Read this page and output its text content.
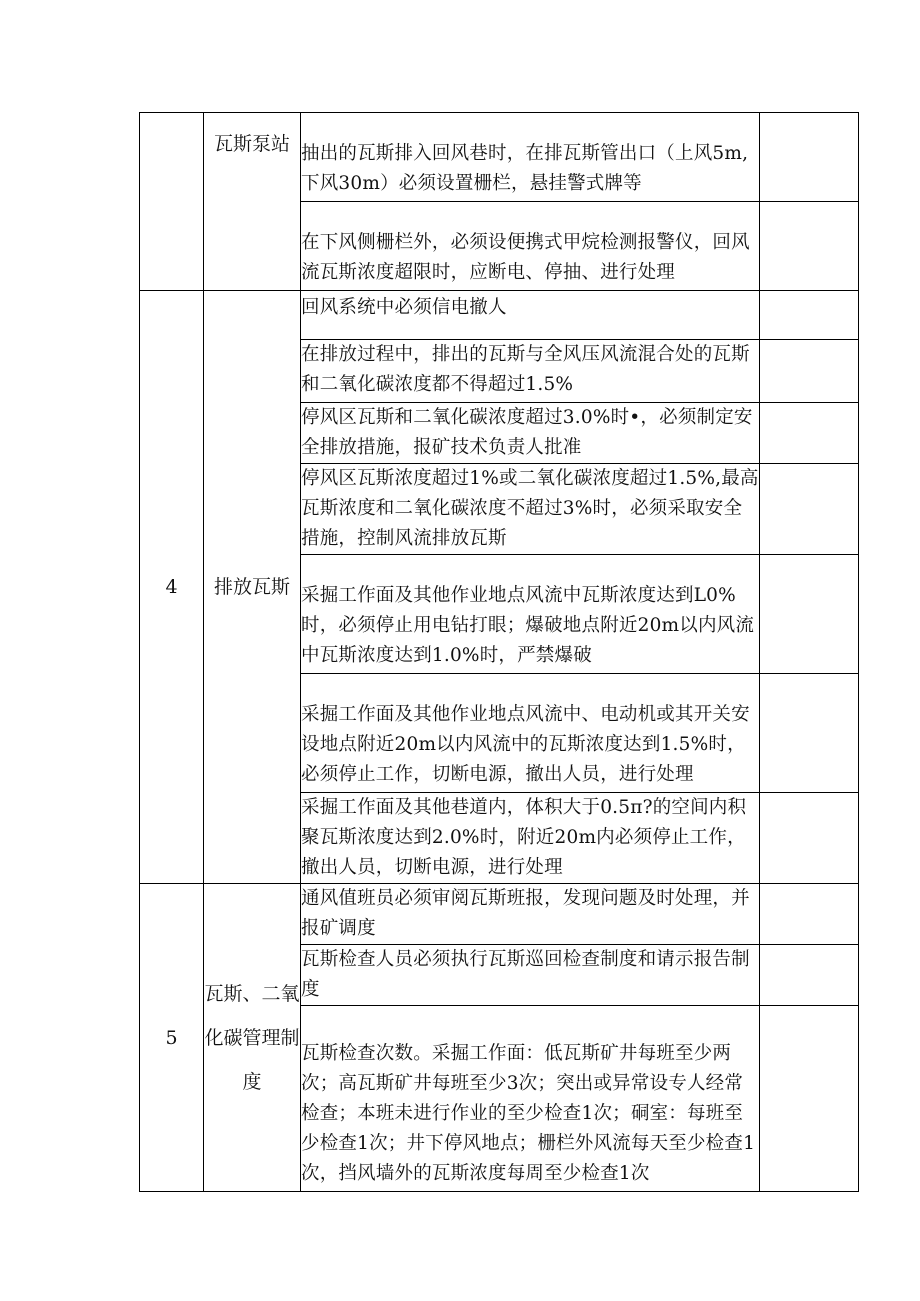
	瓦斯泵站	抽出的瓦斯排入回风巷时，在排瓦斯管出口（上风5m,下风30m）必须设置栅栏，悬挂警式牌等	
		在下风侧栅栏外，必须设便携式甲烷检测报警仪，回风流瓦斯浓度超限时，应断电、停抽、进行处理	
4	排放瓦斯	回风系统中必须信电撤人	
		在排放过程中，排出的瓦斯与全风压风流混合处的瓦斯和二氧化碳浓度都不得超过1.5%	
		停风区瓦斯和二氧化碳浓度超过3.0%时•，必须制定安全排放措施，报矿技术负责人批准	
		停风区瓦斯浓度超过1%或二氧化碳浓度超过1.5%,最高瓦斯浓度和二氧化碳浓度不超过3%时，必须采取安全措施，控制风流排放瓦斯	
		采掘工作面及其他作业地点风流中瓦斯浓度达到L0%时，必须停止用电钻打眼；爆破地点附近20m以内风流中瓦斯浓度达到1.0%时，严禁爆破	
		采掘工作面及其他作业地点风流中、电动机或其开关安设地点附近20m以内风流中的瓦斯浓度达到1.5%时，必须停止工作，切断电源，撤出人员，进行处理	
		采掘工作面及其他巷道内，体积大于0.5π?的空间内积聚瓦斯浓度达到2.0%时，附近20m内必须停止工作，撤出人员，切断电源，进行处理	
5	瓦斯、二氧化碳管理制度	通风值班员必须审阅瓦斯班报，发现问题及时处理，并报矿调度	
		瓦斯检查人员必须执行瓦斯巡回检查制度和请示报告制度	
		瓦斯检查次数。采掘工作面：低瓦斯矿井每班至少两次；高瓦斯矿井每班至少3次；突出或异常设专人经常检查；本班未进行作业的至少检查1次；硐室：每班至少检查1次；井下停风地点；栅栏外风流每天至少检查1次，挡风墙外的瓦斯浓度每周至少检查1次	
